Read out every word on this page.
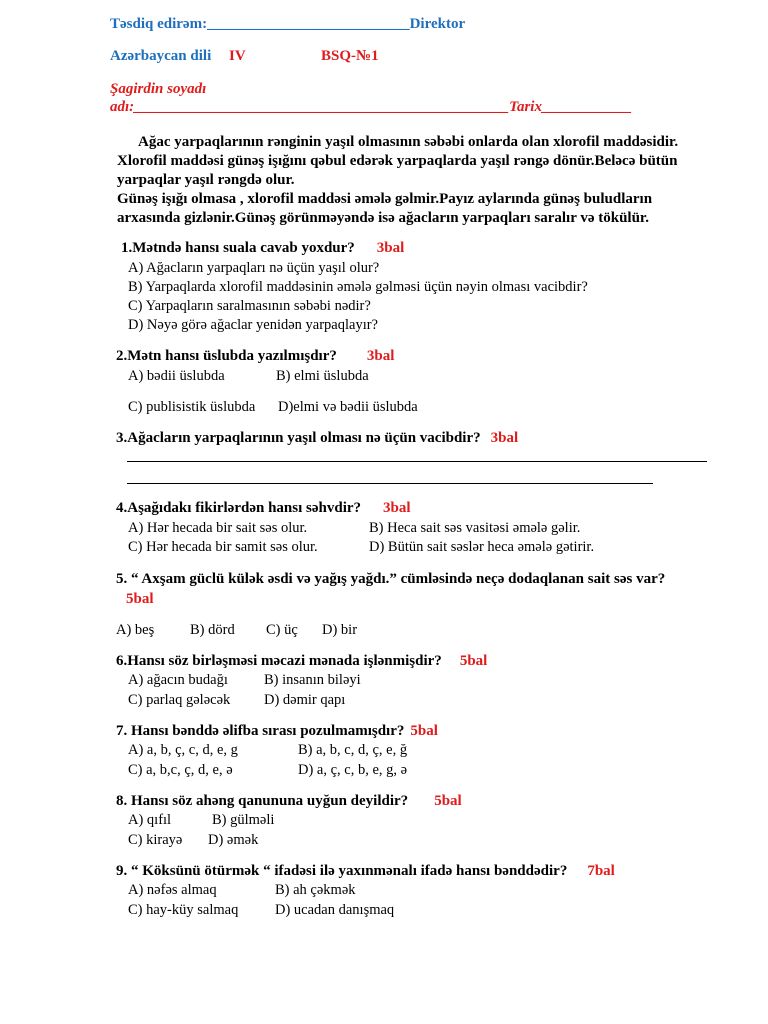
Təsdiq edirəm:___________________________Direktor
Azərbaycan dili IV	BSQ-№1
Şagirdin soyadı
adı:__________________________________________________Tarix____________
Ağac yarpaqlarının rənginin yaşıl olmasının səbəbi onlarda olan xlorofil maddəsidir.
Xlorofil maddəsi günəş işığını qəbul edərək yarpaqlarda yaşıl rəngə dönür.Beləcə bütün
yarpaqlar yaşıl rəngdə olur.
Günəş işığı olmasa , xlorofil maddəsi əmələ gəlmir.Payız aylarında günəş buludların
arxasında gizlənir.Günəş görünməyəndə isə ağacların yarpaqları saralır və tökülür.
1.Mətndə hansı suala cavab yoxdur? 3bal
A) Ağacların yarpaqları nə üçün yaşıl olur?
B) Yarpaqlarda xlorofil maddəsinin əmələ gəlməsi üçün nəyin olması vacibdir?
C) Yarpaqların saralmasının səbəbi nədir?
D) Nəyə görə ağaclar yenidən yarpaqlayır?
2.Mətn hansı üslubda yazılmışdır? 3bal
A) bədii üslubda	B) elmi üslubda
C) publisistik üslubda D)elmi və bədii üslubda
3.Ağacların yarpaqlarının yaşıl olması nə üçün vacibdir? 3bal
4.Aşağıdakı fikirlərdən hansı səhvdir? 3bal
A) Hər hecada bir sait səs olur.	B) Heca sait səs vasitəsi əmələ gəlir.
C) Hər hecada bir samit səs olur.	D) Bütün sait səslər heca əmələ gətirir.
5. “ Axşam güclü külək əsdi və yağış yağdı.” cümləsində neçə dodaqlanan sait səs var?
5bal
A) beş B) dörd C) üç D) bir
6.Hansı söz birləşməsi məcazi mənada işlənmişdir? 5bal
A) ağacın budağı B) insanın biləyi
C) parlaq gələcək D) dəmir qapı
7. Hansı bənddə əlifba sırası pozulmamışdır? 5bal
A) a, b, ç, c, d, e, g	B) a, b, c, d, ç, e, ğ
C) a, b,c, ç, d, e, ə	D) a, ç, c, b, e, g, ə
8. Hansı söz ahəng qanununa uyğun deyildir? 5bal
A) qıfıl	B) gülməli
C) kirayə D) əmək
9. “ Köksünü ötürmək “ ifadəsi ilə yaxınmənalı ifadə hansı bənddədir? 7bal
A) nəfəs almaq	B) ah çəkmək
C) hay-küy salmaq	D) ucadan danışmaq
